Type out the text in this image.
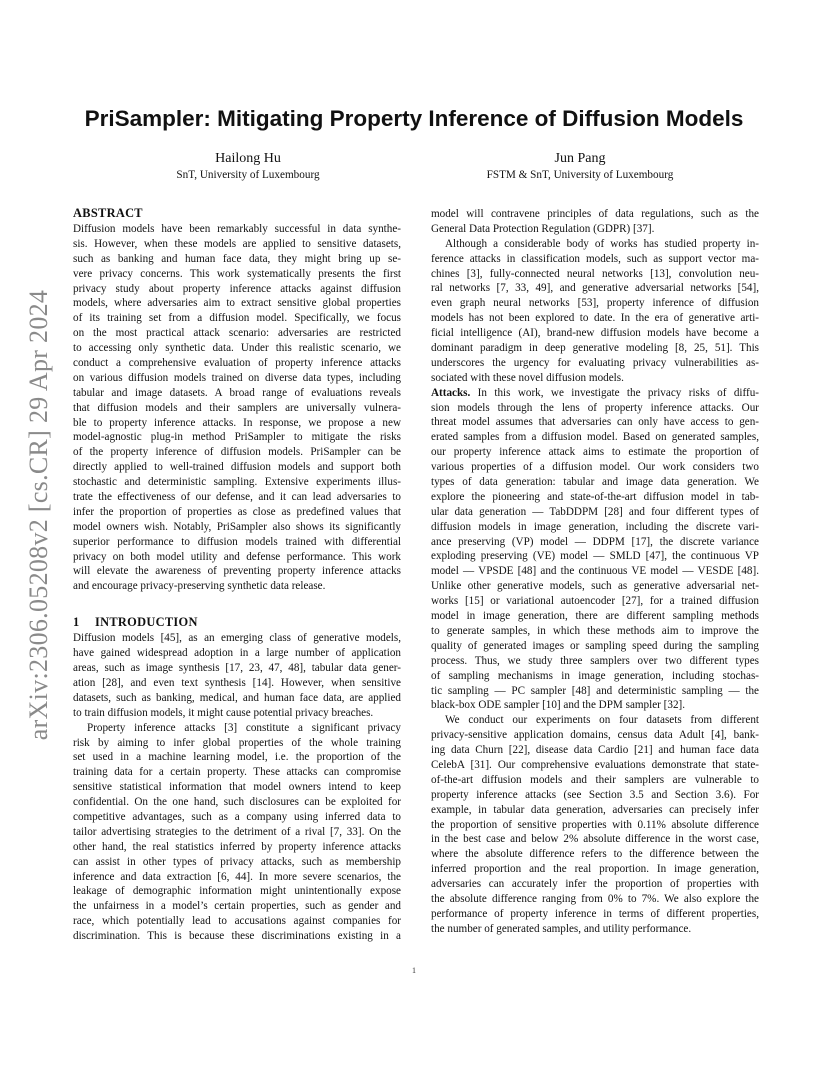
arXiv:2306.05208v2 [cs.CR] 29 Apr 2024
PriSampler: Mitigating Property Inference of Diffusion Models
Hailong Hu
SnT, University of Luxembourg
Jun Pang
FSTM & SnT, University of Luxembourg
ABSTRACT
Diffusion models have been remarkably successful in data synthe-
sis. However, when these models are applied to sensitive datasets,
such as banking and human face data, they might bring up se-
vere privacy concerns. This work systematically presents the first
privacy study about property inference attacks against diffusion
models, where adversaries aim to extract sensitive global properties
of its training set from a diffusion model. Specifically, we focus
on the most practical attack scenario: adversaries are restricted
to accessing only synthetic data. Under this realistic scenario, we
conduct a comprehensive evaluation of property inference attacks
on various diffusion models trained on diverse data types, including
tabular and image datasets. A broad range of evaluations reveals
that diffusion models and their samplers are universally vulnera-
ble to property inference attacks. In response, we propose a new
model-agnostic plug-in method PriSampler to mitigate the risks
of the property inference of diffusion models. PriSampler can be
directly applied to well-trained diffusion models and support both
stochastic and deterministic sampling. Extensive experiments illus-
trate the effectiveness of our defense, and it can lead adversaries to
infer the proportion of properties as close as predefined values that
model owners wish. Notably, PriSampler also shows its significantly
superior performance to diffusion models trained with differential
privacy on both model utility and defense performance. This work
will elevate the awareness of preventing property inference attacks
and encourage privacy-preserving synthetic data release.
1 INTRODUCTION
Diffusion models [45], as an emerging class of generative models,
have gained widespread adoption in a large number of application
areas, such as image synthesis [17, 23, 47, 48], tabular data gener-
ation [28], and even text synthesis [14]. However, when sensitive
datasets, such as banking, medical, and human face data, are applied
to train diffusion models, it might cause potential privacy breaches.
Property inference attacks [3] constitute a significant privacy
risk by aiming to infer global properties of the whole training
set used in a machine learning model, i.e. the proportion of the
training data for a certain property. These attacks can compromise
sensitive statistical information that model owners intend to keep
confidential. On the one hand, such disclosures can be exploited for
competitive advantages, such as a company using inferred data to
tailor advertising strategies to the detriment of a rival [7, 33]. On the
other hand, the real statistics inferred by property inference attacks
can assist in other types of privacy attacks, such as membership
inference and data extraction [6, 44]. In more severe scenarios, the
leakage of demographic information might unintentionally expose
the unfairness in a model’s certain properties, such as gender and
race, which potentially lead to accusations against companies for
discrimination. This is because these discriminations existing in a
model will contravene principles of data regulations, such as the
General Data Protection Regulation (GDPR) [37].
Although a considerable body of works has studied property in-
ference attacks in classification models, such as support vector ma-
chines [3], fully-connected neural networks [13], convolution neu-
ral networks [7, 33, 49], and generative adversarial networks [54],
even graph neural networks [53], property inference of diffusion
models has not been explored to date. In the era of generative arti-
ficial intelligence (AI), brand-new diffusion models have become a
dominant paradigm in deep generative modeling [8, 25, 51]. This
underscores the urgency for evaluating privacy vulnerabilities as-
sociated with these novel diffusion models.
Attacks. In this work, we investigate the privacy risks of diffu-
sion models through the lens of property inference attacks. Our
threat model assumes that adversaries can only have access to gen-
erated samples from a diffusion model. Based on generated samples,
our property inference attack aims to estimate the proportion of
various properties of a diffusion model. Our work considers two
types of data generation: tabular and image data generation. We
explore the pioneering and state-of-the-art diffusion model in tab-
ular data generation — TabDDPM [28] and four different types of
diffusion models in image generation, including the discrete vari-
ance preserving (VP) model — DDPM [17], the discrete variance
exploding preserving (VE) model — SMLD [47], the continuous VP
model — VPSDE [48] and the continuous VE model — VESDE [48].
Unlike other generative models, such as generative adversarial net-
works [15] or variational autoencoder [27], for a trained diffusion
model in image generation, there are different sampling methods
to generate samples, in which these methods aim to improve the
quality of generated images or sampling speed during the sampling
process. Thus, we study three samplers over two different types
of sampling mechanisms in image generation, including stochas-
tic sampling — PC sampler [48] and deterministic sampling — the
black-box ODE sampler [10] and the DPM sampler [32].
We conduct our experiments on four datasets from different
privacy-sensitive application domains, census data Adult [4], bank-
ing data Churn [22], disease data Cardio [21] and human face data
CelebA [31]. Our comprehensive evaluations demonstrate that state-
of-the-art diffusion models and their samplers are vulnerable to
property inference attacks (see Section 3.5 and Section 3.6). For
example, in tabular data generation, adversaries can precisely infer
the proportion of sensitive properties with 0.11% absolute difference
in the best case and below 2% absolute difference in the worst case,
where the absolute difference refers to the difference between the
inferred proportion and the real proportion. In image generation,
adversaries can accurately infer the proportion of properties with
the absolute difference ranging from 0% to 7%. We also explore the
performance of property inference in terms of different properties,
the number of generated samples, and utility performance.
1
